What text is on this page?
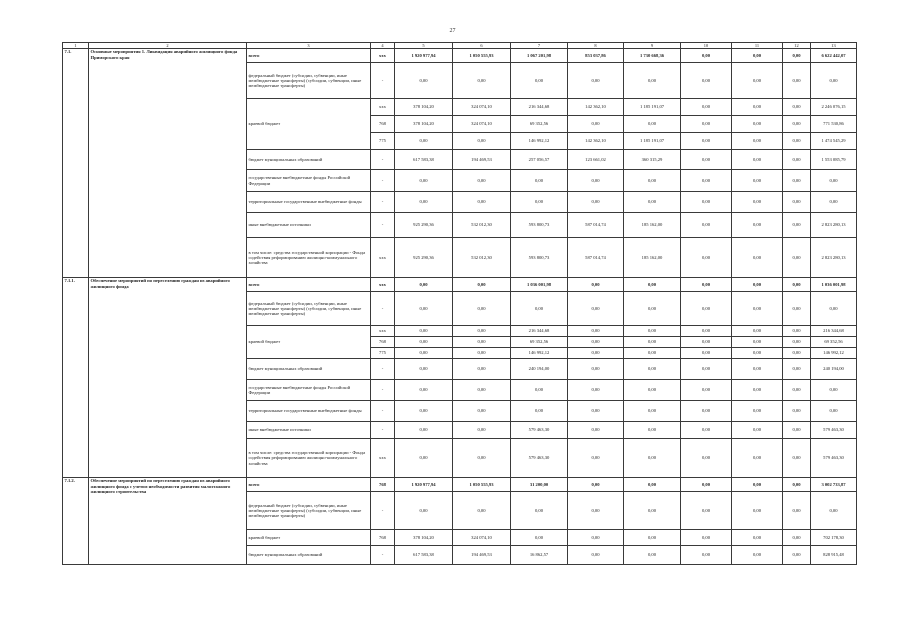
27
1	2	3	4	5	6	7	8	9	10	11	12	13
7.1.	Основные мероприятия 1. Ликвидация аварийного жилищного фонда Приморского края	всего	ххх	1 920 977,94	1 050 555,93	1 067 201,98	853 037,86	1 730 668,36	0,00	0,00	0,00	6 622 442,07
		федеральный бюджет (субсидии, субвенции, иные межбюджетные трансферты) (субсидии, субвенции, иные межбюджетные трансферты)	-	0,00	0,00	0,00	0,00	0,00	0,00	0,00	0,00	0,00
		краевой бюджет	ххх	378 104,20	324 074,10	216 344,68	142 362,10	1 185 191,07	0,00	0,00	0,00	2 246 076,15
			768	378 104,20	324 074,10	69 352,56	0,00	0,00	0,00	0,00	0,00	771 530,86
			775	0,00	0,00	146 992,12	142 362,10	1 185 191,07	0,00	0,00	0,00	1 474 545,29
		бюджет муниципальных образований	-	617 583,38	194 469,53	257 056,57	123 661,02	360 315,29	0,00	0,00	0,00	1 553 085,79
		государственные внебюджетные фонды Российской Федерации	-	0,00	0,00	0,00	0,00	0,00	0,00	0,00	0,00	0,00
		территориальные государственные внебюджетные фонды	-	0,00	0,00	0,00	0,00	0,00	0,00	0,00	0,00	0,00
		иные внебюджетные источники	-	925 290,36	532 012,30	593 800,73	587 014,74	185 162,00	0,00	0,00	0,00	2 823 280,13
		в том числе: средства государственной корпорации - Фонда содействия реформированию жилищно-коммунального хозяйства	ххх	925 290,36	532 012,30	593 800,73	587 014,74	185 162,00	0,00	0,00	0,00	2 823 280,13
7.1.1.	Обеспечение мероприятий по переселению граждан из аварийного жилищного фонда	всего	ххх	0,00	0,00	1 036 001,98	0,00	0,00	0,00	0,00	0,00	1 036 001,98
		федеральный бюджет (субсидии, субвенции, иные межбюджетные трансферты) (субсидии, субвенции, иные межбюджетные трансферты)	-	0,00	0,00	0,00	0,00	0,00	0,00	0,00	0,00	0,00
		краевой бюджет	ххх	0,00	0,00	216 344,68	0,00	0,00	0,00	0,00	0,00	216 344,68
			768	0,00	0,00	69 352,56	0,00	0,00	0,00	0,00	0,00	69 352,56
			775	0,00	0,00	146 992,12	0,00	0,00	0,00	0,00	0,00	146 992,12
		бюджет муниципальных образований	-	0,00	0,00	240 194,00	0,00	0,00	0,00	0,00	0,00	240 194,00
		государственные внебюджетные фонды Российской Федерации	-	0,00	0,00	0,00	0,00	0,00	0,00	0,00	0,00	0,00
		территориальные государственные внебюджетные фонды	-	0,00	0,00	0,00	0,00	0,00	0,00	0,00	0,00	0,00
		иные внебюджетные источники	-	0,00	0,00	579 463,30	0,00	0,00	0,00	0,00	0,00	579 463,30
		в том числе: средства государственной корпорации - Фонда содействия реформированию жилищно-коммунального хозяйства	ххх	0,00	0,00	579 463,30	0,00	0,00	0,00	0,00	0,00	579 463,30
7.1.2.	Обеспечение мероприятий по переселению граждан из аварийного жилищного фонда с учетом необходимости развития малоэтажного жилищного строительства	всего	768	1 920 977,94	1 050 555,93	31 200,00	0,00	0,00	0,00	0,00	0,00	3 002 733,87
		федеральный бюджет (субсидии, субвенции, иные межбюджетные трансферты) (субсидии, субвенции, иные межбюджетные трансферты)	-	0,00	0,00	0,00	0,00	0,00	0,00	0,00	0,00	0,00
		краевой бюджет	768	378 104,20	324 074,10	0,00	0,00	0,00	0,00	0,00	0,00	702 178,30
		бюджет муниципальных образований	-	617 583,38	194 469,53	16 862,57	0,00	0,00	0,00	0,00	0,00	828 915,48
